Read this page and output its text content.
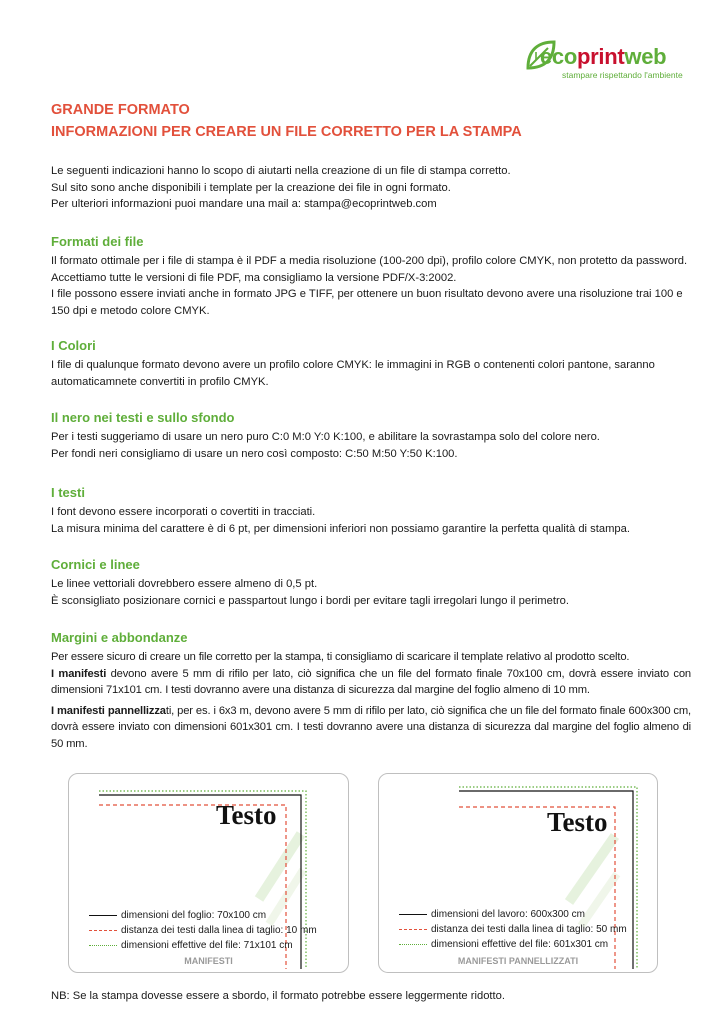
ecoprintweb
stampare rispettando l'ambiente
GRANDE FORMATO
INFORMAZIONI PER CREARE UN FILE CORRETTO PER LA STAMPA
Le seguenti indicazioni hanno lo scopo di aiutarti nella creazione di un file di stampa corretto.
Sul sito sono anche disponibili i template per la creazione dei file in ogni formato.
Per ulteriori informazioni puoi mandare una mail a: stampa@ecoprintweb.com
Formati dei file

Il formato ottimale per i file di stampa è il PDF a media risoluzione (100-200 dpi), profilo colore CMYK, non protetto da password. Accettiamo tutte le versioni di file PDF, ma consigliamo la versione PDF/X-3:2002.

I file possono essere inviati anche in formato JPG e TIFF, per ottenere un buon risultato devono avere una risoluzione trai 100 e 150 dpi e metodo colore CMYK.

I Colori

I file di qualunque formato devono avere un profilo colore CMYK: le immagini in RGB o contenenti colori pantone, saranno automaticamnete convertiti in profilo CMYK.

Il nero nei testi e sullo sfondo

Per i testi suggeriamo di usare un nero puro C:0 M:0 Y:0 K:100, e abilitare la sovrastampa solo del colore nero.

Per fondi neri consigliamo di usare un nero così composto: C:50 M:50 Y:50 K:100.

I testi

I font devono essere incorporati o covertiti in tracciati.

La misura minima del carattere è di 6 pt, per dimensioni inferiori non possiamo garantire la perfetta qualità di stampa.

Cornici e linee

Le linee vettoriali dovrebbero essere almeno di 0,5 pt.

È sconsigliato posizionare cornici e passpartout lungo i bordi per evitare tagli irregolari lungo il perimetro.

Margini e abbondanze

Per essere sicuro di creare un file corretto per la stampa, ti consigliamo di scaricare il template relativo al prodotto scelto.

I manifesti devono avere 5 mm di rifilo per lato, ciò significa che un file del formato finale 70x100 cm, dovrà essere inviato con dimensioni 71x101 cm. I testi dovranno avere una distanza di sicurezza dal margine del foglio almeno di 10 mm.

I manifesti pannellizzati, per es. i 6x3 m, devono avere 5 mm di rifilo per lato, ciò significa che un file del formato finale 600x300 cm, dovrà essere inviato con dimensioni 601x301 cm. I testi dovranno avere una distanza di sicurezza dal margine del foglio almeno di 50 mm.

Testo
dimensioni del foglio: 70x100 cm
distanza dei testi dalla linea di taglio: 10 mm
dimensioni effettive del file: 71x101 cm
MANIFESTI
Testo
dimensioni del lavoro: 600x300 cm
distanza dei testi dalla linea di taglio: 50 mm
dimensioni effettive del file: 601x301 cm
MANIFESTI PANNELLIZZATI
NB: Se la stampa dovesse essere a sbordo, il formato potrebbe essere leggermente ridotto.
